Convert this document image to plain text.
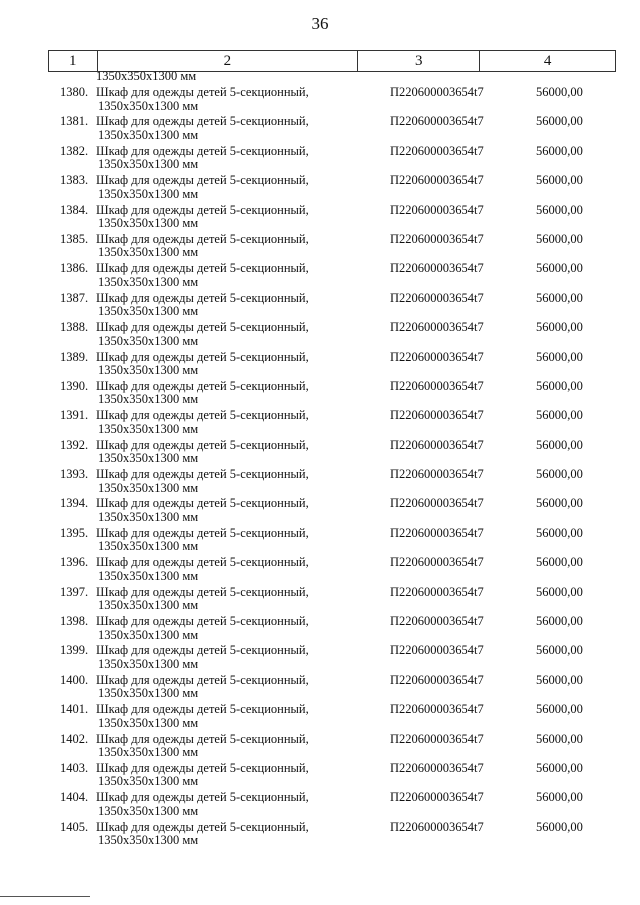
36
1	2	3	4
1350x350x1300 мм
1380. Шкаф для одежды детей 5-секционный,
1350x350x1300 мм
П220600003654t7	56000,00
1381. Шкаф для одежды детей 5-секционный,
1350x350x1300 мм
П220600003654t7	56000,00
1382. Шкаф для одежды детей 5-секционный,
1350x350x1300 мм
П220600003654t7	56000,00
1383. Шкаф для одежды детей 5-секционный,
1350x350x1300 мм
П220600003654t7	56000,00
1384. Шкаф для одежды детей 5-секционный,
1350x350x1300 мм
П220600003654t7	56000,00
1385. Шкаф для одежды детей 5-секционный,
1350x350x1300 мм
П220600003654t7	56000,00
1386. Шкаф для одежды детей 5-секционный,
1350x350x1300 мм
П220600003654t7	56000,00
1387. Шкаф для одежды детей 5-секционный,
1350x350x1300 мм
П220600003654t7	56000,00
1388. Шкаф для одежды детей 5-секционный,
1350x350x1300 мм
П220600003654t7	56000,00
1389. Шкаф для одежды детей 5-секционный,
1350x350x1300 мм
П220600003654t7	56000,00
1390. Шкаф для одежды детей 5-секционный,
1350x350x1300 мм
П220600003654t7	56000,00
1391. Шкаф для одежды детей 5-секционный,
1350x350x1300 мм
П220600003654t7	56000,00
1392. Шкаф для одежды детей 5-секционный,
1350x350x1300 мм
П220600003654t7	56000,00
1393. Шкаф для одежды детей 5-секционный,
1350x350x1300 мм
П220600003654t7	56000,00
1394. Шкаф для одежды детей 5-секционный,
1350x350x1300 мм
П220600003654t7	56000,00
1395. Шкаф для одежды детей 5-секционный,
1350x350x1300 мм
П220600003654t7	56000,00
1396. Шкаф для одежды детей 5-секционный,
1350x350x1300 мм
П220600003654t7	56000,00
1397. Шкаф для одежды детей 5-секционный,
1350x350x1300 мм
П220600003654t7	56000,00
1398. Шкаф для одежды детей 5-секционный,
1350x350x1300 мм
П220600003654t7	56000,00
1399. Шкаф для одежды детей 5-секционный,
1350x350x1300 мм
П220600003654t7	56000,00
1400. Шкаф для одежды детей 5-секционный,
1350x350x1300 мм
П220600003654t7	56000,00
1401. Шкаф для одежды детей 5-секционный,
1350x350x1300 мм
П220600003654t7	56000,00
1402. Шкаф для одежды детей 5-секционный,
1350x350x1300 мм
П220600003654t7	56000,00
1403. Шкаф для одежды детей 5-секционный,
1350x350x1300 мм
П220600003654t7	56000,00
1404. Шкаф для одежды детей 5-секционный,
1350x350x1300 мм
П220600003654t7	56000,00
1405. Шкаф для одежды детей 5-секционный,
1350x350x1300 мм
П220600003654t7	56000,00
